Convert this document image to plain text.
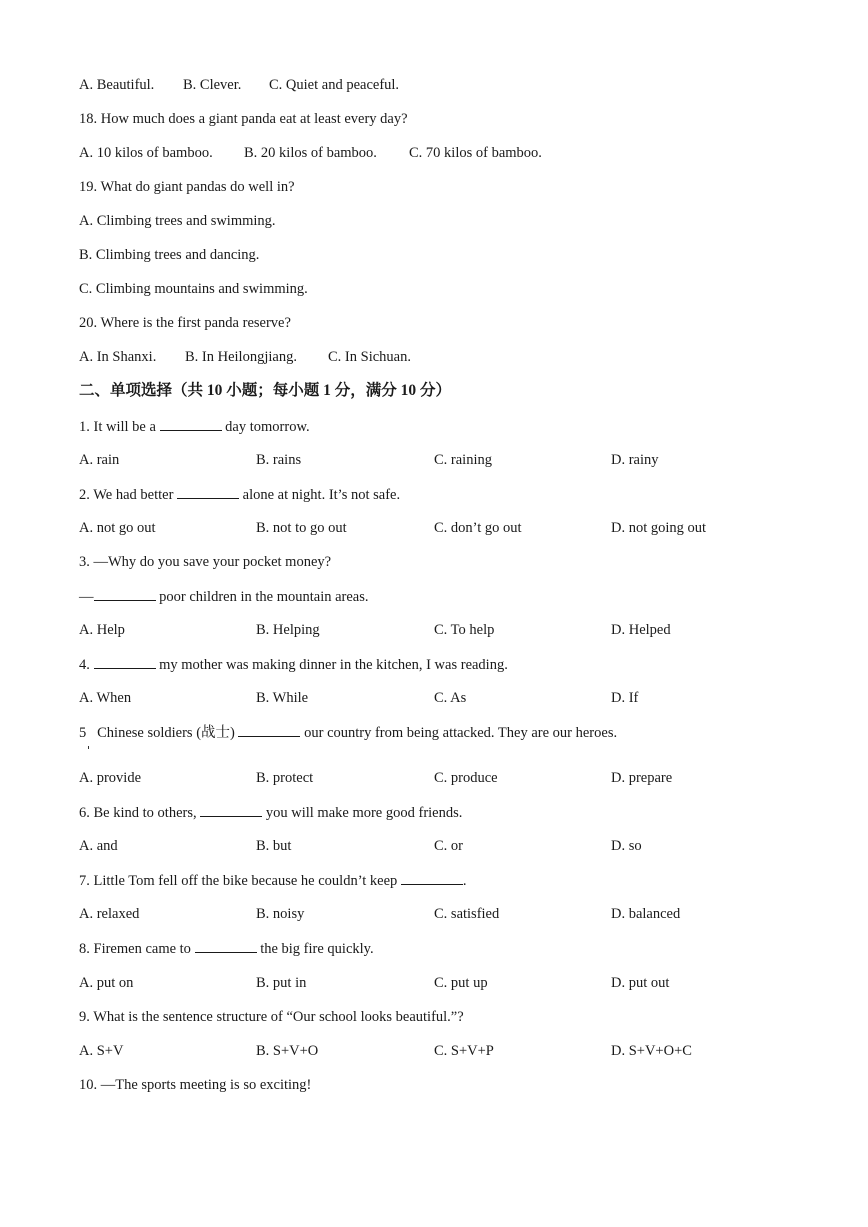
A. Beautiful. B. Clever. C. Quiet and peaceful.
18. How much does a giant panda eat at least every day?
A. 10 kilos of bamboo. B. 20 kilos of bamboo. C. 70 kilos of bamboo.
19. What do giant pandas do well in?
A. Climbing trees and swimming.
B. Climbing trees and dancing.
C. Climbing mountains and swimming.
20. Where is the first panda reserve?
A. In Shanxi. B. In Heilongjiang. C. In Sichuan.
二、单项选择（共 10 小题；每小题 1 分，满分 10 分）
1. It will be a	day tomorrow.
A. rain	B. rains	C. raining	D. rainy
2. We had better	alone at night. It’s not safe.
A. not go out	B. not to go out	C. don’t go out	D. not going out
3. —Why do you save your pocket money?
—	poor children in the mountain areas.
A. Help	B. Helping	C. To help	D. Helped
4.	my mother was making dinner in the kitchen, I was reading.
A. When	B. While	C. As	D. If
5   Chinese soldiers (战士)	our country from being attacked. They are our heroes.
A. provide	B. protect	C. produce	D. prepare
6. Be kind to others,	you will make more good friends.
A. and	B. but	C. or	D. so
7. Little Tom fell off the bike because he couldn’t keep	.
A. relaxed	B. noisy	C. satisfied	D. balanced
8. Firemen came to	the big fire quickly.
A. put on	B. put in	C. put up	D. put out
9. What is the sentence structure of “Our school looks beautiful.”?
A. S+V	B. S+V+O	C. S+V+P	D. S+V+O+C
10. —The sports meeting is so exciting!
